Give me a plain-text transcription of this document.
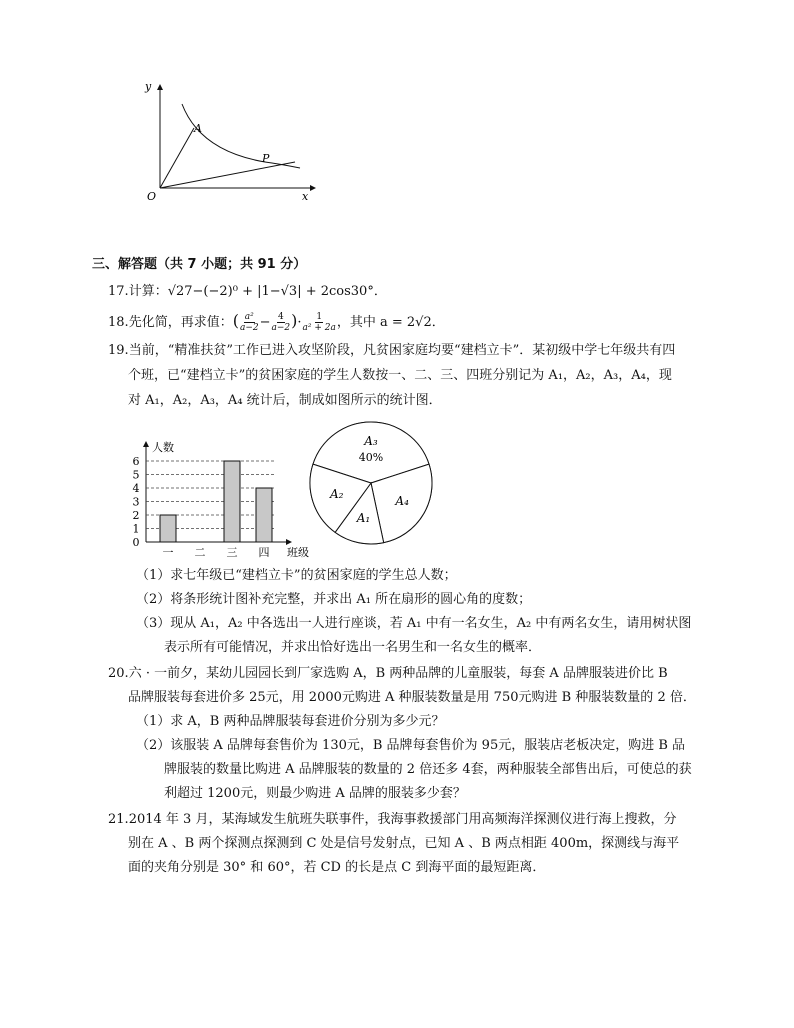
y
x
O
A
P
三、解答题（共 7 小题；共 91 分）
17.计算：√27−(−2)⁰ + |1−√3| + 2cos30°．
18.先化简，再求值：( $\frac{\text{a²}}{a-2} - \frac{4}{a-2}$ )· $\frac{1}{\text{a² + 2a}}$ ，其中 a = 2√2．
19.当前，“精准扶贫”工作已进入攻坚阶段，凡贫困家庭均要“建档立卡”．某初级中学七年级共有四
个班，已“建档立卡”的贫困家庭的学生人数按一、二、三、四班分别记为 A₁，A₂，A₃，A₄，现
对 A₁，A₂，A₃，A₄ 统计后，制成如图所示的统计图．
0
1
2
3
4
5
6
人数
一 二 三 四 班级
A₃
40%
A₄
A₁
A₂
（1）求七年级已“建档立卡”的贫困家庭的学生总人数；
（2）将条形统计图补充完整，并求出 A₁ 所在扇形的圆心角的度数；
（3）现从 A₁，A₂ 中各选出一人进行座谈，若 A₁ 中有一名女生，A₂ 中有两名女生，请用树状图
表示所有可能情况，并求出恰好选出一名男生和一名女生的概率．
20.六 · 一前夕，某幼儿园园长到厂家选购 A，B 两种品牌的儿童服装，每套 A 品牌服装进价比 B
品牌服装每套进价多 25元，用 2000元购进 A 种服装数量是用 750元购进 B 种服装数量的 2 倍．
（1）求 A，B 两种品牌服装每套进价分别为多少元？
（2）该服装 A 品牌每套售价为 130元，B 品牌每套售价为 95元，服装店老板决定，购进 B 品
牌服装的数量比购进 A 品牌服装的数量的 2 倍还多 4套，两种服装全部售出后，可使总的获
利超过 1200元，则最少购进 A 品牌的服装多少套？
21.2014 年 3 月，某海域发生航班失联事件，我海事救援部门用高频海洋探测仪进行海上搜救，分
别在 A 、B 两个探测点探测到 C 处是信号发射点，已知 A 、B 两点相距 400m，探测线与海平
面的夹角分别是 30° 和 60°，若 CD 的长是点 C 到海平面的最短距离．
